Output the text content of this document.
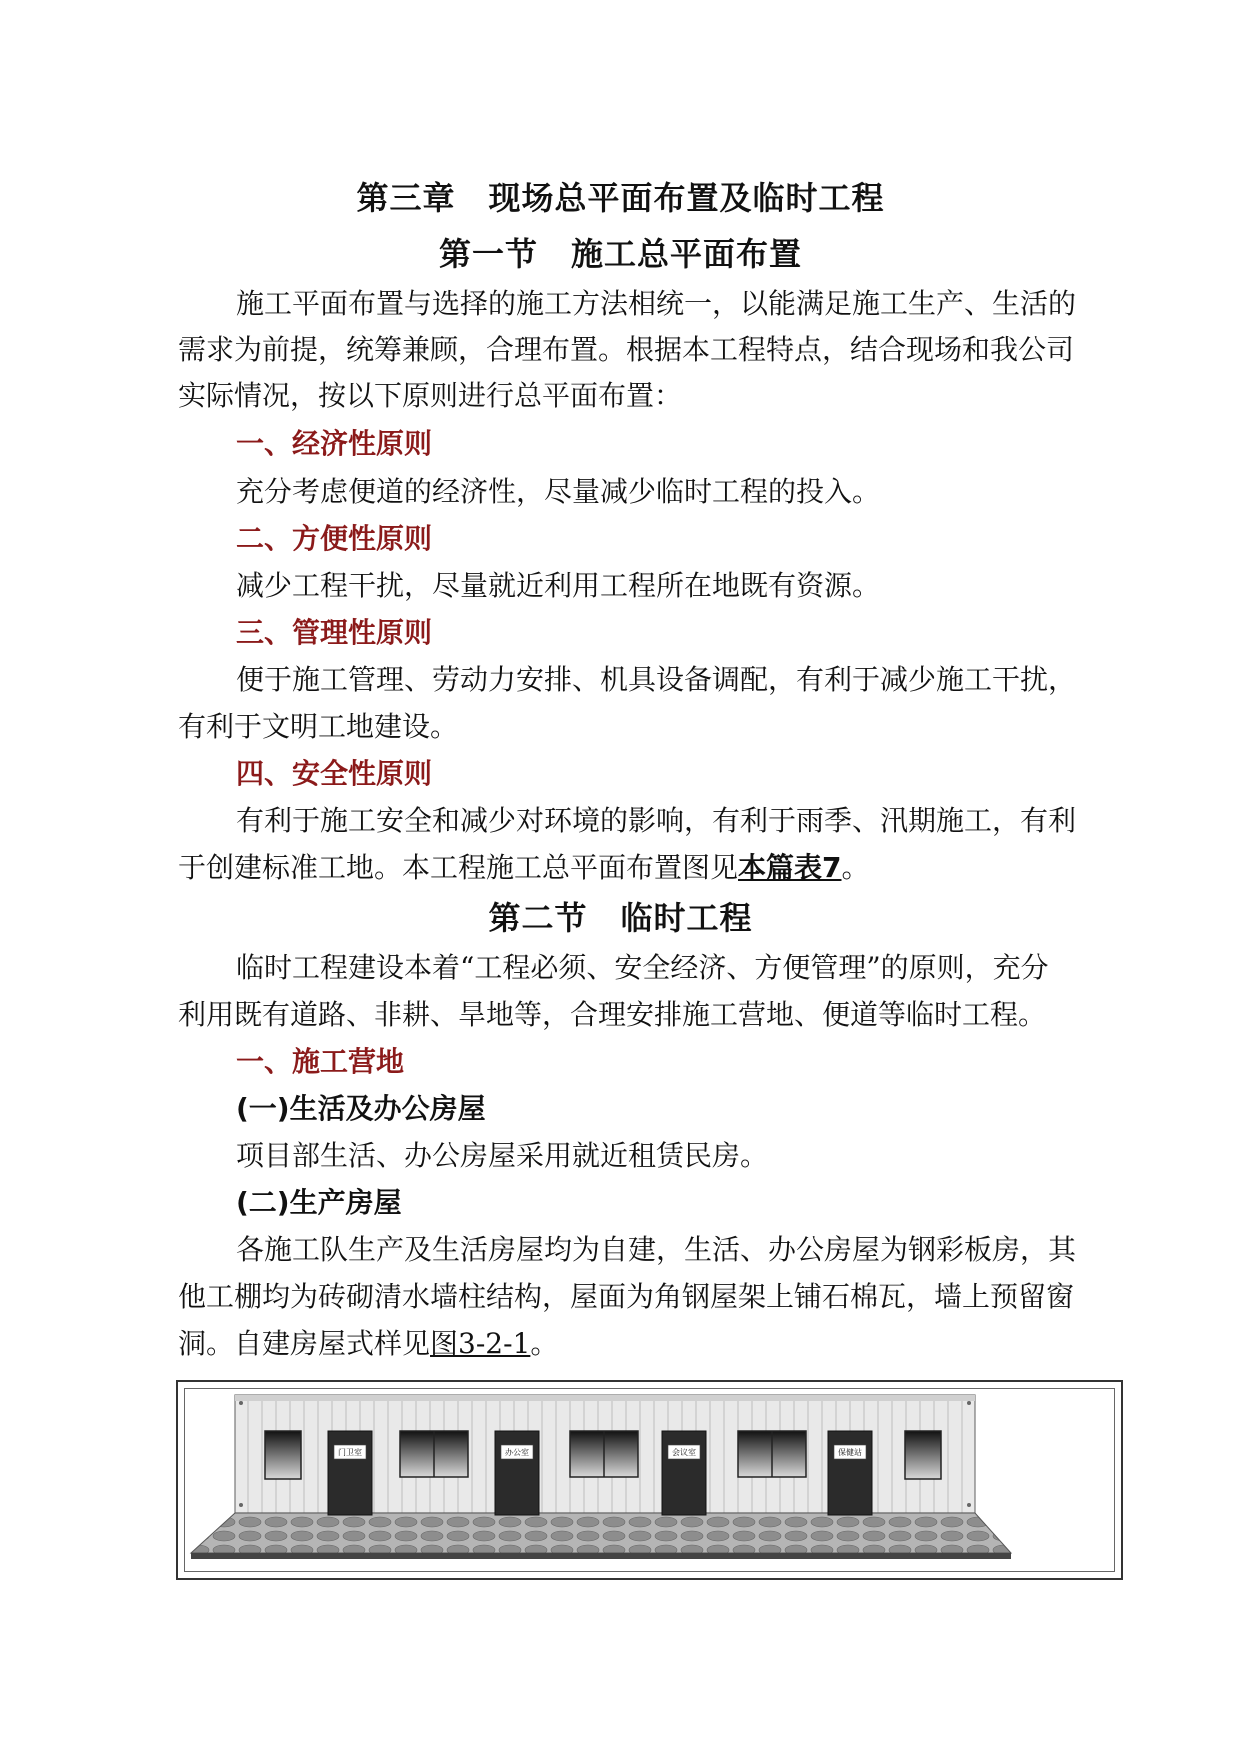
第三章　现场总平面布置及临时工程
第一节　施工总平面布置
施工平面布置与选择的施工方法相统一，以能满足施工生产、生活的
需求为前提，统筹兼顾，合理布置。根据本工程特点，结合现场和我公司
实际情况，按以下原则进行总平面布置：
一、经济性原则
充分考虑便道的经济性，尽量减少临时工程的投入。
二、方便性原则
减少工程干扰，尽量就近利用工程所在地既有资源。
三、管理性原则
便于施工管理、劳动力安排、机具设备调配，有利于减少施工干扰，
有利于文明工地建设。
四、安全性原则
有利于施工安全和减少对环境的影响，有利于雨季、汛期施工，有利
于创建标准工地。本工程施工总平面布置图见本篇表7。
第二节　临时工程
临时工程建设本着“工程必须、安全经济、方便管理”的原则，充分
利用既有道路、非耕、旱地等，合理安排施工营地、便道等临时工程。
一、施工营地
(一)生活及办公房屋
项目部生活、办公房屋采用就近租赁民房。
(二)生产房屋
各施工队生产及生活房屋均为自建，生活、办公房屋为钢彩板房，其
他工棚均为砖砌清水墙柱结构，屋面为角钢屋架上铺石棉瓦，墙上预留窗
洞。自建房屋式样见图3-2-1。
门卫室	办公室	会议室	保健站
